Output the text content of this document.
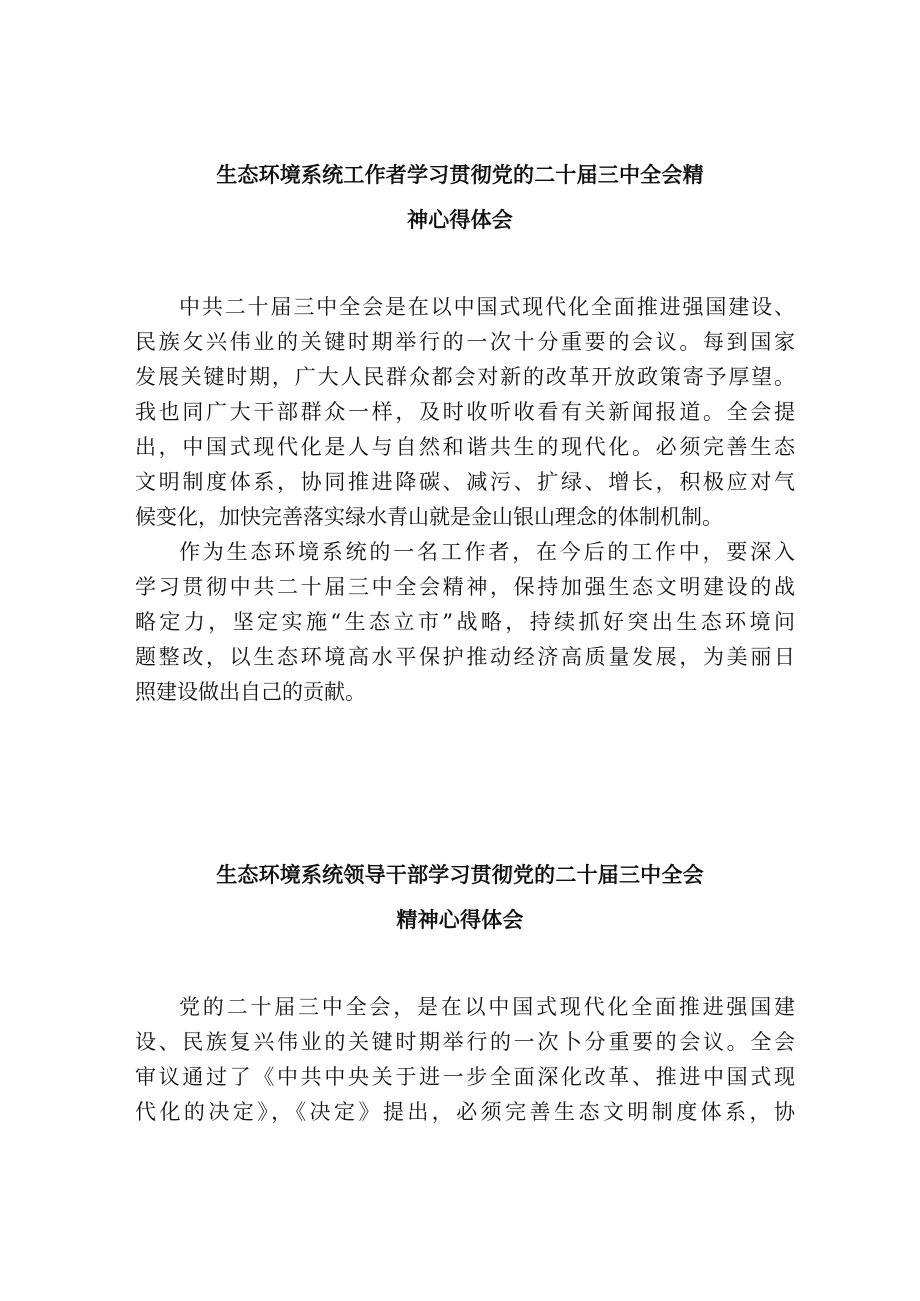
生态环境系统工作者学习贯彻党的二十届三中全会精
神心得体会
中共二十届三中全会是在以中国式现代化全面推进强国建设、
民族攵兴伟业的关键时期举行的一次十分重要的会议。每到国家
发展关键时期，广大人民群众都会对新的改革开放政策寄予厚望。
我也同广大干部群众一样，及时收听收看有关新闻报道。全会提
出，中国式现代化是人与自然和谐共生的现代化。必须完善生态
文明制度体系，协同推进降碳、减污、扩绿、增长，积极应对气
候变化，加快完善落实绿水青山就是金山银山理念的体制机制。
作为生态环境系统的一名工作者，在今后的工作中，要深入
学习贯彻中共二十届三中全会精神，保持加强生态文明建设的战
略定力，坚定实施“生态立市”战略，持续抓好突出生态环境问
题整改，以生态环境高水平保护推动经济高质量发展，为美丽日
照建设做出自己的贡献。
生态环境系统领导干部学习贯彻党的二十届三中全会
精神心得体会
党的二十届三中全会，是在以中国式现代化全面推进强国建
设、民族复兴伟业的关键时期举行的一次卜分重要的会议。全会
审议通过了《中共中央关于进一步全面深化改革、推进中国式现
代化的决定》，《决定》提出，必须完善生态文明制度体系，协
